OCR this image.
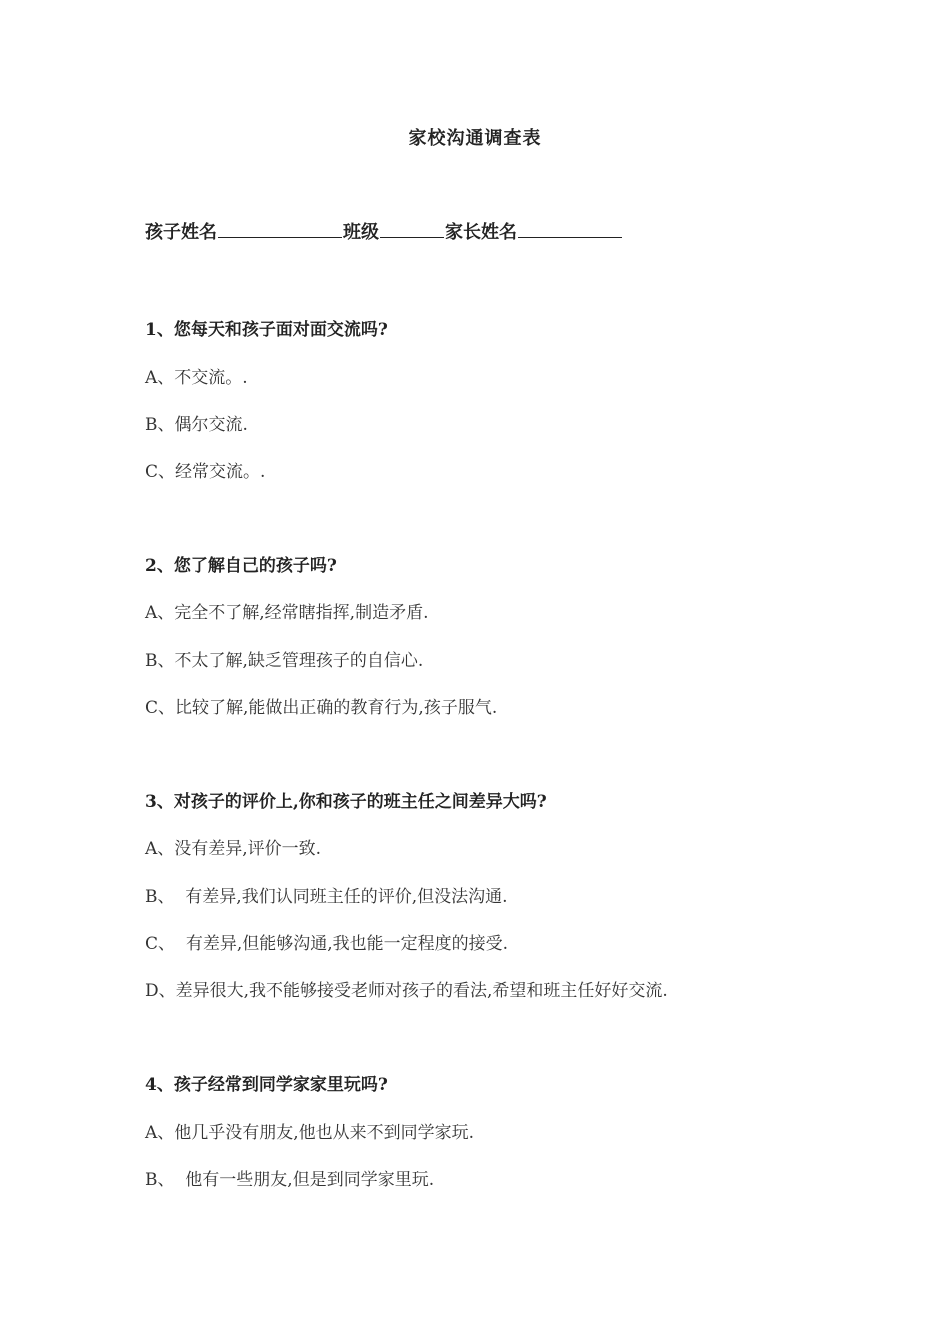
家校沟通调查表
孩子姓名	班级	家长姓名
1、您每天和孩子面对面交流吗?
A、不交流。.
B、偶尔交流.
C、经常交流。.
2、您了解自己的孩子吗?
A、完全不了解,经常瞎指挥,制造矛盾.
B、不太了解,缺乏管理孩子的自信心.
C、比较了解,能做出正确的教育行为,孩子服气.
3、对孩子的评价上,你和孩子的班主任之间差异大吗?
A、没有差异,评价一致.
B、  有差异,我们认同班主任的评价,但没法沟通.
C、  有差异,但能够沟通,我也能一定程度的接受.
D、差异很大,我不能够接受老师对孩子的看法,希望和班主任好好交流.
4、孩子经常到同学家家里玩吗?
A、他几乎没有朋友,他也从来不到同学家玩.
B、  他有一些朋友,但是到同学家里玩.
